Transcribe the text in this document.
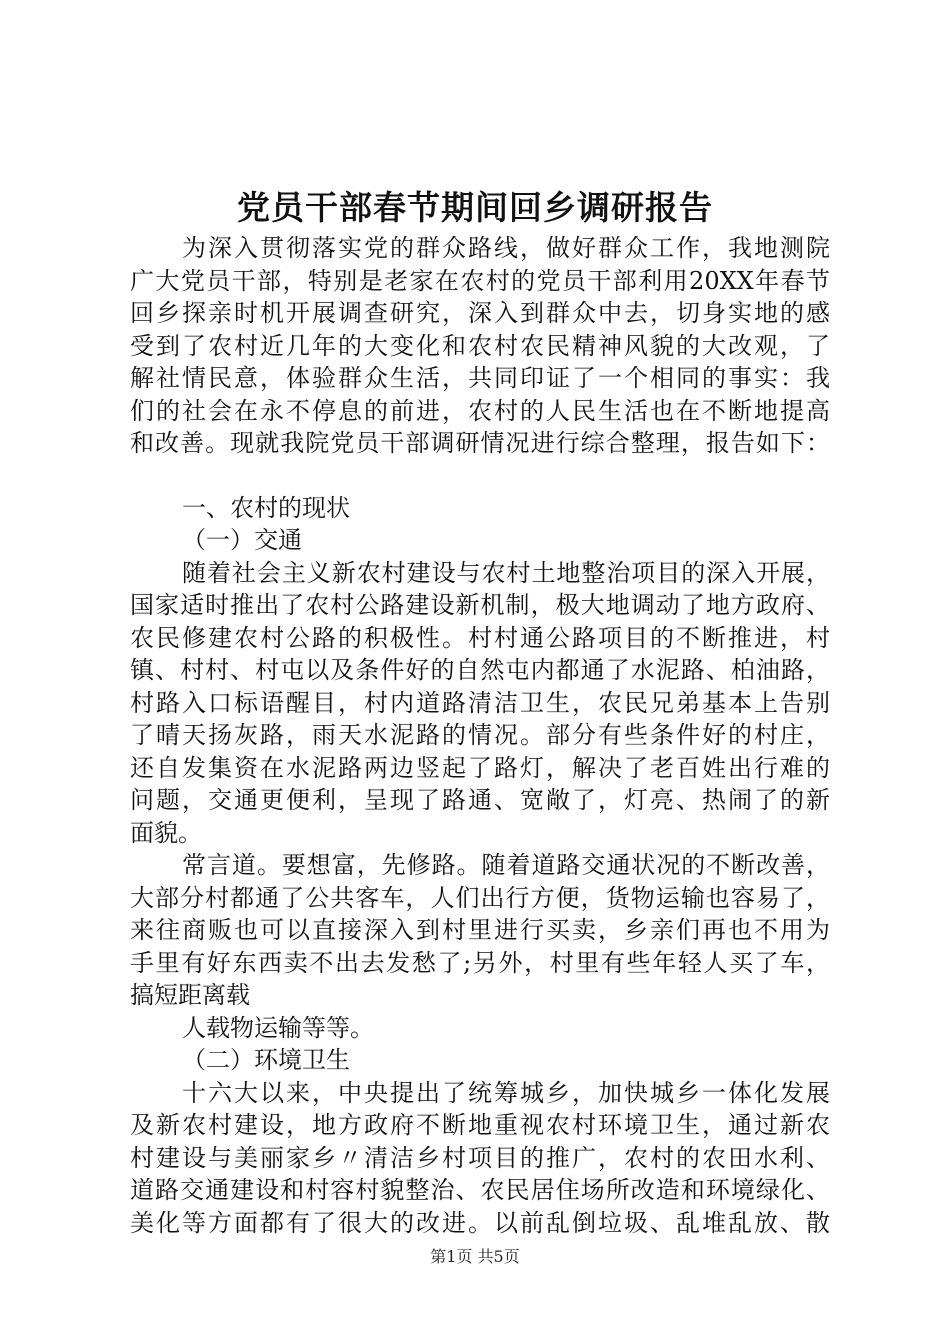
党员干部春节期间回乡调研报告
为深入贯彻落实党的群众路线，做好群众工作，我地测院
广大党员干部，特别是老家在农村的党员干部利用20XX年春节
回乡探亲时机开展调查研究，深入到群众中去，切身实地的感
受到了农村近几年的大变化和农村农民精神风貌的大改观，了
解社情民意，体验群众生活，共同印证了一个相同的事实：我
们的社会在永不停息的前进，农村的人民生活也在不断地提高
和改善。现就我院党员干部调研情况进行综合整理，报告如下：
一、农村的现状
（一）交通
随着社会主义新农村建设与农村土地整治项目的深入开展，
国家适时推出了农村公路建设新机制，极大地调动了地方政府、
农民修建农村公路的积极性。村村通公路项目的不断推进，村
镇、村村、村屯以及条件好的自然屯内都通了水泥路、柏油路，
村路入口标语醒目，村内道路清洁卫生，农民兄弟基本上告别
了晴天扬灰路，雨天水泥路的情况。部分有些条件好的村庄，
还自发集资在水泥路两边竖起了路灯，解决了老百姓出行难的
问题，交通更便利，呈现了路通、宽敞了，灯亮、热闹了的新
面貌。
常言道。要想富，先修路。随着道路交通状况的不断改善，
大部分村都通了公共客车，人们出行方便，货物运输也容易了，
来往商贩也可以直接深入到村里进行买卖，乡亲们再也不用为
手里有好东西卖不出去发愁了;另外，村里有些年轻人买了车，
搞短距离载
人载物运输等等。
（二）环境卫生
十六大以来，中央提出了统筹城乡，加快城乡一体化发展
及新农村建设，地方政府不断地重视农村环境卫生，通过新农
村建设与美丽家乡〃清洁乡村项目的推广，农村的农田水利、
道路交通建设和村容村貌整治、农民居住场所改造和环境绿化、
美化等方面都有了很大的改进。以前乱倒垃圾、乱堆乱放、散
第1页 共5页
